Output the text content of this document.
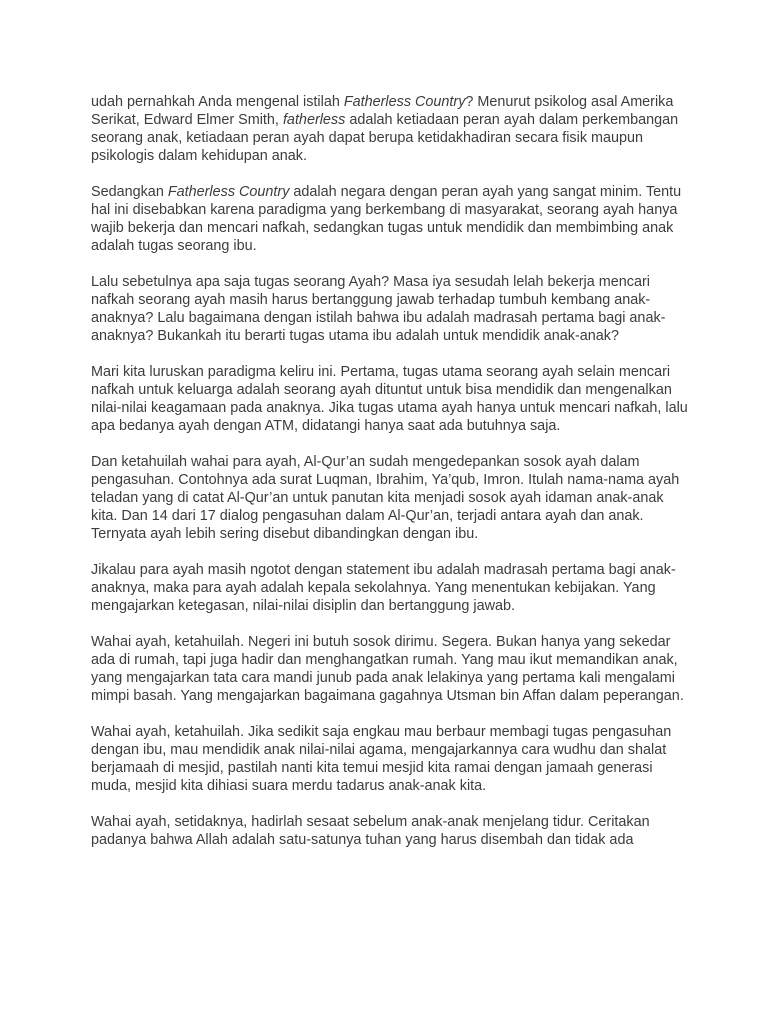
udah pernahkah Anda mengenal istilah Fatherless Country? Menurut psikolog asal Amerika Serikat, Edward Elmer Smith, fatherless adalah ketiadaan peran ayah dalam perkembangan seorang anak, ketiadaan peran ayah dapat berupa ketidakhadiran secara fisik maupun psikologis dalam kehidupan anak.

Sedangkan Fatherless Country adalah negara dengan peran ayah yang sangat minim. Tentu hal ini disebabkan karena paradigma yang berkembang di masyarakat, seorang ayah hanya wajib bekerja dan mencari nafkah, sedangkan tugas untuk mendidik dan membimbing anak adalah tugas seorang ibu.

Lalu sebetulnya apa saja tugas seorang Ayah? Masa iya sesudah lelah bekerja mencari nafkah seorang ayah masih harus bertanggung jawab terhadap tumbuh kembang anak-anaknya? Lalu bagaimana dengan istilah bahwa ibu adalah madrasah pertama bagi anak-anaknya? Bukankah itu berarti tugas utama ibu adalah untuk mendidik anak-anak?

Mari kita luruskan paradigma keliru ini. Pertama, tugas utama seorang ayah selain mencari nafkah untuk keluarga adalah seorang ayah dituntut untuk bisa mendidik dan mengenalkan nilai-nilai keagamaan pada anaknya. Jika tugas utama ayah hanya untuk mencari nafkah, lalu apa bedanya ayah dengan ATM, didatangi hanya saat ada butuhnya saja.

Dan ketahuilah wahai para ayah, Al-Qur’an sudah mengedepankan sosok ayah dalam pengasuhan. Contohnya ada surat Luqman, Ibrahim, Ya’qub, Imron. Itulah nama-nama ayah teladan yang di catat Al-Qur’an untuk panutan kita menjadi sosok ayah idaman anak-anak kita. Dan 14 dari 17 dialog pengasuhan dalam Al-Qur’an, terjadi antara ayah dan anak. Ternyata ayah lebih sering disebut dibandingkan dengan ibu.

Jikalau para ayah masih ngotot dengan statement ibu adalah madrasah pertama bagi anak-anaknya, maka para ayah adalah kepala sekolahnya. Yang menentukan kebijakan. Yang mengajarkan ketegasan, nilai-nilai disiplin dan bertanggung jawab.

Wahai ayah, ketahuilah. Negeri ini butuh sosok dirimu. Segera. Bukan hanya yang sekedar ada di rumah, tapi juga hadir dan menghangatkan rumah. Yang mau ikut memandikan anak, yang mengajarkan tata cara mandi junub pada anak lelakinya yang pertama kali mengalami mimpi basah. Yang mengajarkan bagaimana gagahnya Utsman bin Affan dalam peperangan.

Wahai ayah, ketahuilah. Jika sedikit saja engkau mau berbaur membagi tugas pengasuhan dengan ibu, mau mendidik anak nilai-nilai agama, mengajarkannya cara wudhu dan shalat berjamaah di mesjid, pastilah nanti kita temui mesjid kita ramai dengan jamaah generasi muda, mesjid kita dihiasi suara merdu tadarus anak-anak kita.

Wahai ayah, setidaknya, hadirlah sesaat sebelum anak-anak menjelang tidur. Ceritakan padanya bahwa Allah adalah satu-satunya tuhan yang harus disembah dan tidak ada
